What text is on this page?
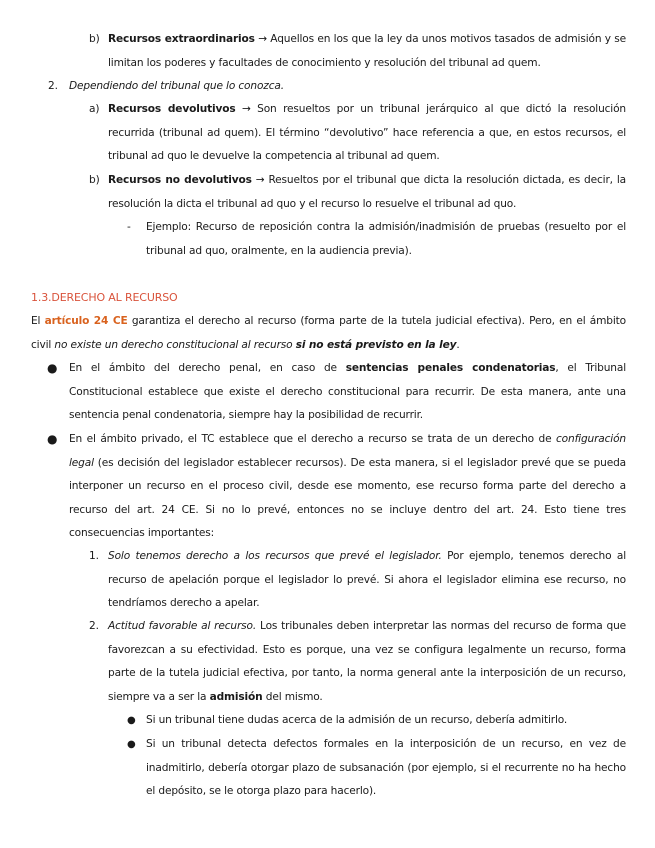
b) Recursos extraordinarios → Aquellos en los que la ley da unos motivos tasados de admisión y se limitan los poderes y facultades de conocimiento y resolución del tribunal ad quem.
2. Dependiendo del tribunal que lo conozca.
a) Recursos devolutivos → Son resueltos por un tribunal jerárquico al que dictó la resolución recurrida (tribunal ad quem). El término “devolutivo” hace referencia a que, en estos recursos, el tribunal ad quo le devuelve la competencia al tribunal ad quem.
b) Recursos no devolutivos → Resueltos por el tribunal que dicta la resolución dictada, es decir, la resolución la dicta el tribunal ad quo y el recurso lo resuelve el tribunal ad quo.
- Ejemplo: Recurso de reposición contra la admisión/inadmisión de pruebas (resuelto por el tribunal ad quo, oralmente, en la audiencia previa).
1.3.DERECHO AL RECURSO
El artículo 24 CE garantiza el derecho al recurso (forma parte de la tutela judicial efectiva). Pero, en el ámbito civil no existe un derecho constitucional al recurso si no está previsto en la ley.
● En el ámbito del derecho penal, en caso de sentencias penales condenatorias, el Tribunal Constitucional establece que existe el derecho constitucional para recurrir. De esta manera, ante una sentencia penal condenatoria, siempre hay la posibilidad de recurrir.
● En el ámbito privado, el TC establece que el derecho a recurso se trata de un derecho de configuración legal (es decisión del legislador establecer recursos). De esta manera, si el legislador prevé que se pueda interponer un recurso en el proceso civil, desde ese momento, ese recurso forma parte del derecho a recurso del art. 24 CE. Si no lo prevé, entonces no se incluye dentro del art. 24. Esto tiene tres consecuencias importantes:
1. Solo tenemos derecho a los recursos que prevé el legislador. Por ejemplo, tenemos derecho al recurso de apelación porque el legislador lo prevé. Si ahora el legislador elimina ese recurso, no tendríamos derecho a apelar.
2. Actitud favorable al recurso. Los tribunales deben interpretar las normas del recurso de forma que favorezcan a su efectividad. Esto es porque, una vez se configura legalmente un recurso, forma parte de la tutela judicial efectiva, por tanto, la norma general ante la interposición de un recurso, siempre va a ser la admisión del mismo.
● Si un tribunal tiene dudas acerca de la admisión de un recurso, debería admitirlo.
● Si un tribunal detecta defectos formales en la interposición de un recurso, en vez de inadmitirlo, debería otorgar plazo de subsanación (por ejemplo, si el recurrente no ha hecho el depósito, se le otorga plazo para hacerlo).
